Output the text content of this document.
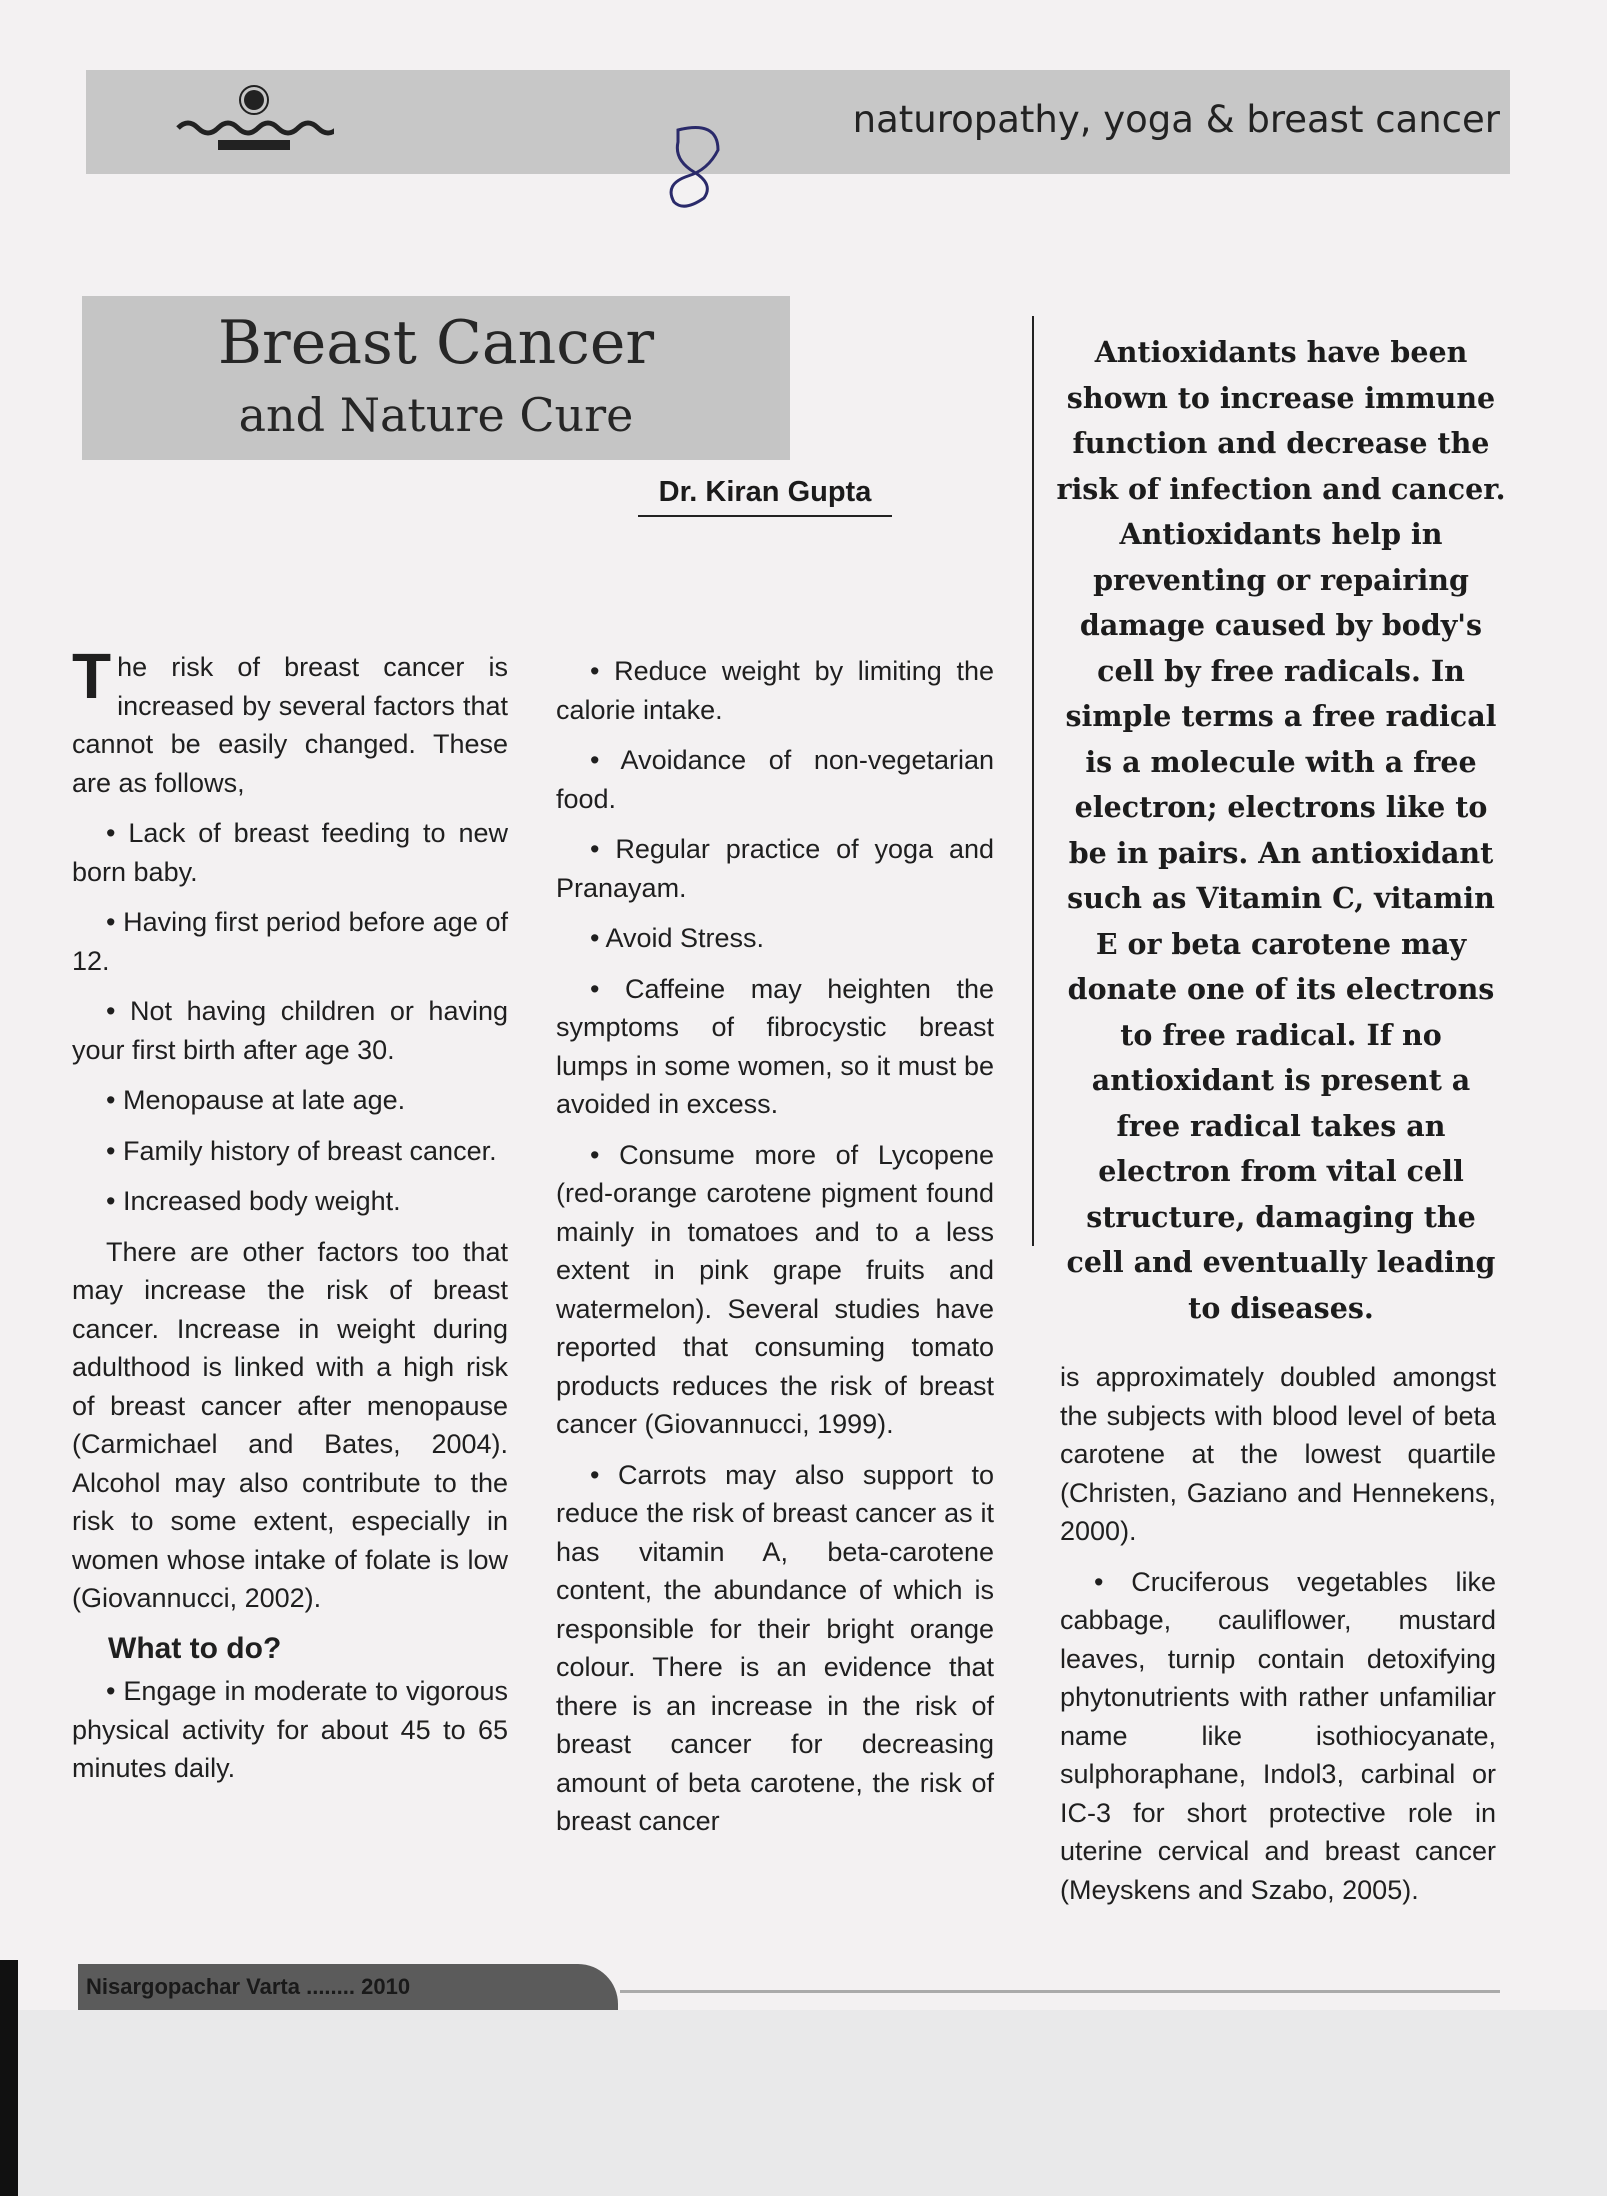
naturopathy, yoga & breast cancer
Breast Cancer
and Nature Cure
Dr. Kiran Gupta

The risk of breast cancer is increased by several factors that cannot be easily changed. These are as follows,

• Lack of breast feeding to new born baby.

• Having first period before age of 12.

• Not having children or having your first birth after age 30.

• Menopause at late age.

• Family history of breast cancer.

• Increased body weight.

There are other factors too that may increase the risk of breast cancer. Increase in weight during adulthood is linked with a high risk of breast cancer after menopause (Carmichael and Bates, 2004). Alcohol may also contribute to the risk to some extent, especially in women whose intake of folate is low (Giovannucci, 2002).

What to do?

• Engage in moderate to vigorous physical activity for about 45 to 65 minutes daily.

• Reduce weight by limiting the calorie intake.

• Avoidance of non-vegetarian food.

• Regular practice of yoga and Pranayam.

• Avoid Stress.

• Caffeine may heighten the symptoms of fibrocystic breast lumps in some women, so it must be avoided in excess.

• Consume more of Lycopene (red-orange carotene pigment found mainly in tomatoes and to a less extent in pink grape fruits and watermelon). Several studies have reported that consuming tomato products reduces the risk of breast cancer (Giovannucci, 1999).

• Carrots may also support to reduce the risk of breast cancer as it has vitamin A, beta-carotene content, the abundance of which is responsible for their bright orange colour. There is an evidence that there is an increase in the risk of breast cancer for decreasing amount of beta carotene, the risk of breast cancer

Antioxidants have been shown to increase immune function and decrease the risk of infection and cancer. Antioxidants help in preventing or repairing damage caused by body's cell by free radicals. In simple terms a free radical is a molecule with a free electron; electrons like to be in pairs. An antioxidant such as Vitamin C, vitamin E or beta carotene may donate one of its electrons to free radical. If no antioxidant is present a free radical takes an electron from vital cell structure, damaging the cell and eventually leading to diseases.

is approximately doubled amongst the subjects with blood level of beta carotene at the lowest quartile (Christen, Gaziano and Hennekens, 2000).

• Cruciferous vegetables like cabbage, cauliflower, mustard leaves, turnip contain detoxifying phytonutrients with rather unfamiliar name like isothiocyanate, sulphoraphane, Indol3, carbinal or IC-3 for short protective role in uterine cervical and breast cancer (Meyskens and Szabo, 2005).

Nisargopachar Varta ........ 2010
